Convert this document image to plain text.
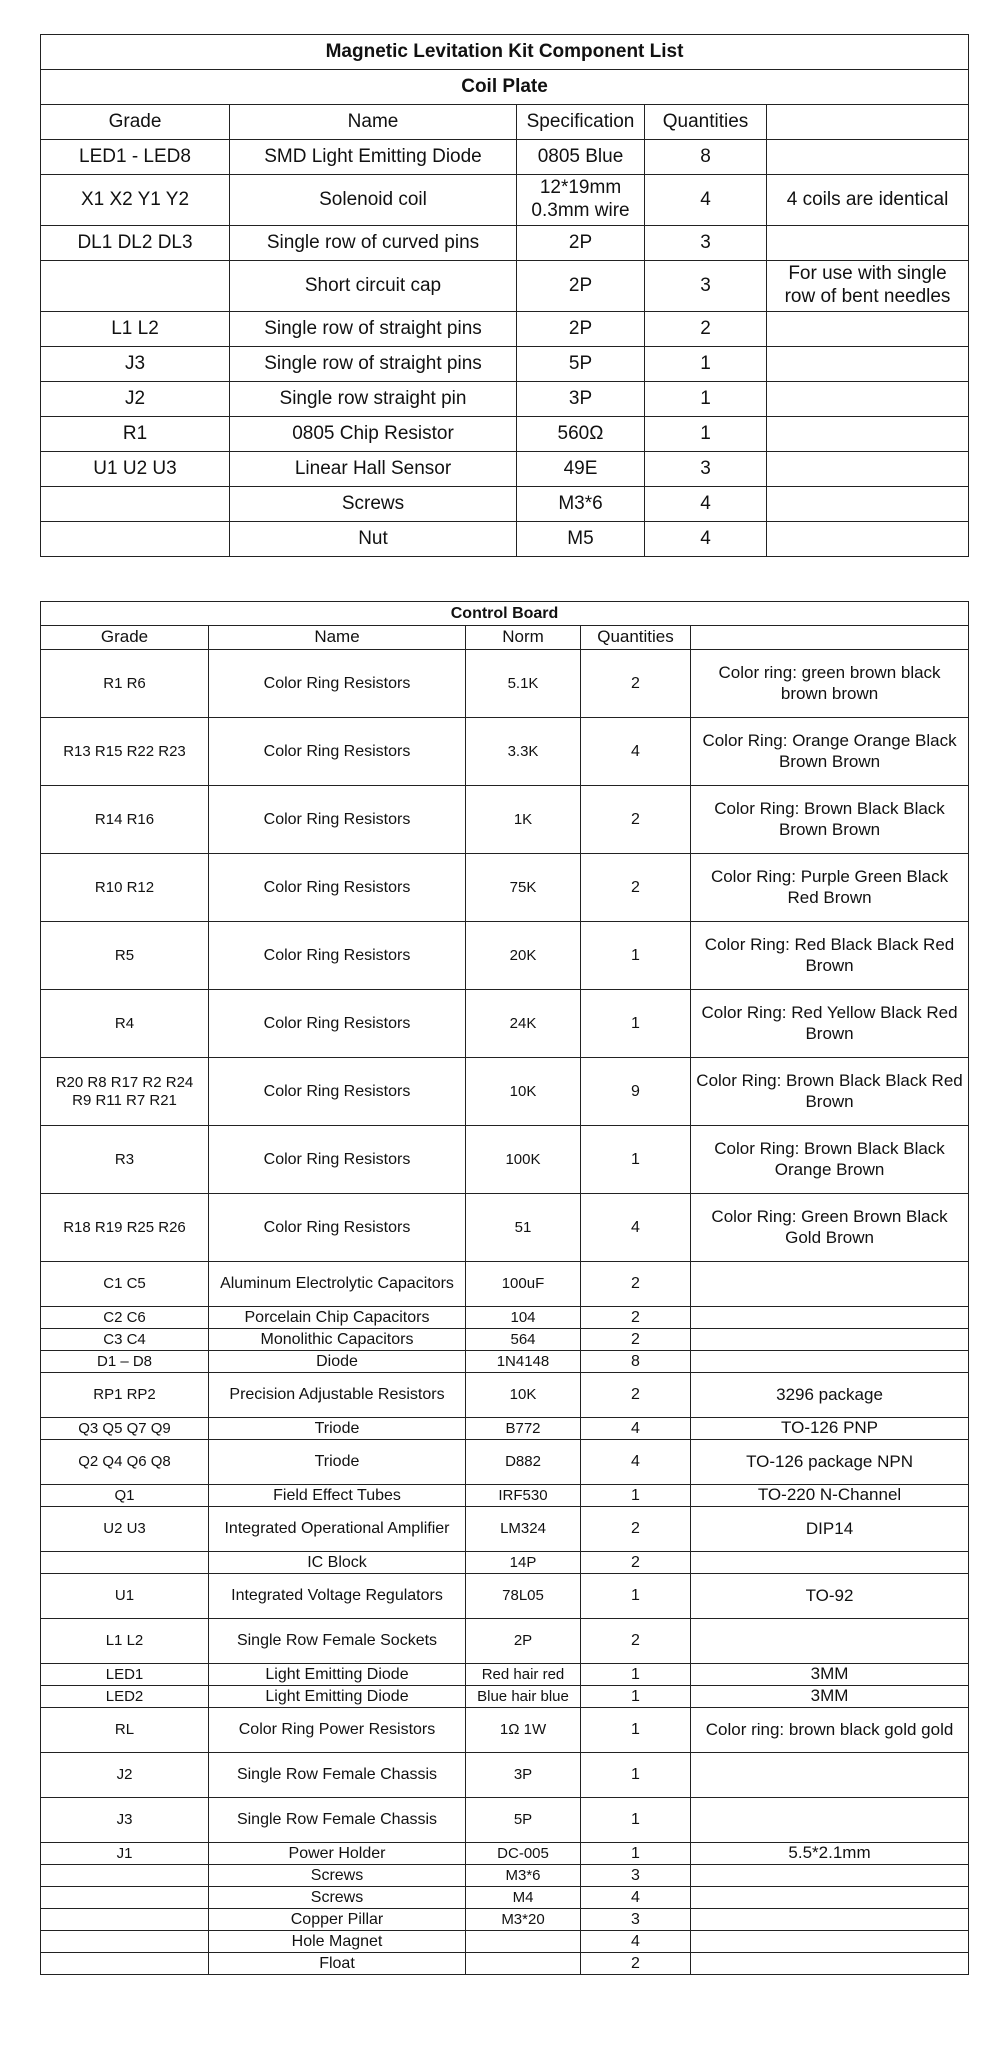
Magnetic Levitation Kit Component List				
Coil Plate				
Grade	Name	Specification	Quantities	
LED1 - LED8	SMD Light Emitting Diode	0805 Blue	8	
X1 X2 Y1 Y2	Solenoid coil	12*19mm 0.3mm wire	4	4 coils are identical
DL1 DL2 DL3	Single row of curved pins	2P	3	
	Short circuit cap	2P	3	For use with single row of bent needles
L1 L2	Single row of straight pins	2P	2	
J3	Single row of straight pins	5P	1	
J2	Single row straight pin	3P	1	
R1	0805 Chip Resistor	560Ω	1	
U1 U2 U3	Linear Hall Sensor	49E	3	
	Screws	M3*6	4	
	Nut	M5	4	
Control Board				
Grade	Name	Norm	Quantities	
R1 R6	Color Ring Resistors	5.1K	2	Color ring: green brown black brown brown
R13 R15 R22 R23	Color Ring Resistors	3.3K	4	Color Ring: Orange Orange Black Brown Brown
R14 R16	Color Ring Resistors	1K	2	Color Ring: Brown Black Black Brown Brown
R10 R12	Color Ring Resistors	75K	2	Color Ring: Purple Green Black Red Brown
R5	Color Ring Resistors	20K	1	Color Ring: Red Black Black Red Brown
R4	Color Ring Resistors	24K	1	Color Ring: Red Yellow Black Red Brown
R20 R8 R17 R2 R24 R9 R11 R7 R21	Color Ring Resistors	10K	9	Color Ring: Brown Black Black Red Brown
R3	Color Ring Resistors	100K	1	Color Ring: Brown Black Black Orange Brown
R18 R19 R25 R26	Color Ring Resistors	51	4	Color Ring: Green Brown Black Gold Brown
C1 C5	Aluminum Electrolytic Capacitors	100uF	2	
C2 C6	Porcelain Chip Capacitors	104	2	
C3 C4	Monolithic Capacitors	564	2	
D1 – D8	Diode	1N4148	8	
RP1 RP2	Precision Adjustable Resistors	10K	2	3296 package
Q3 Q5 Q7 Q9	Triode	B772	4	TO-126 PNP
Q2 Q4 Q6 Q8	Triode	D882	4	TO-126 package NPN
Q1	Field Effect Tubes	IRF530	1	TO-220 N-Channel
U2 U3	Integrated Operational Amplifier	LM324	2	DIP14
	IC Block	14P	2	
U1	Integrated Voltage Regulators	78L05	1	TO-92
L1 L2	Single Row Female Sockets	2P	2	
LED1	Light Emitting Diode	Red hair red	1	3MM
LED2	Light Emitting Diode	Blue hair blue	1	3MM
RL	Color Ring Power Resistors	1Ω 1W	1	Color ring: brown black gold gold
J2	Single Row Female Chassis	3P	1	
J3	Single Row Female Chassis	5P	1	
J1	Power Holder	DC-005	1	5.5*2.1mm
	Screws	M3*6	3	
	Screws	M4	4	
	Copper Pillar	M3*20	3	
	Hole Magnet		4	
	Float		2	
